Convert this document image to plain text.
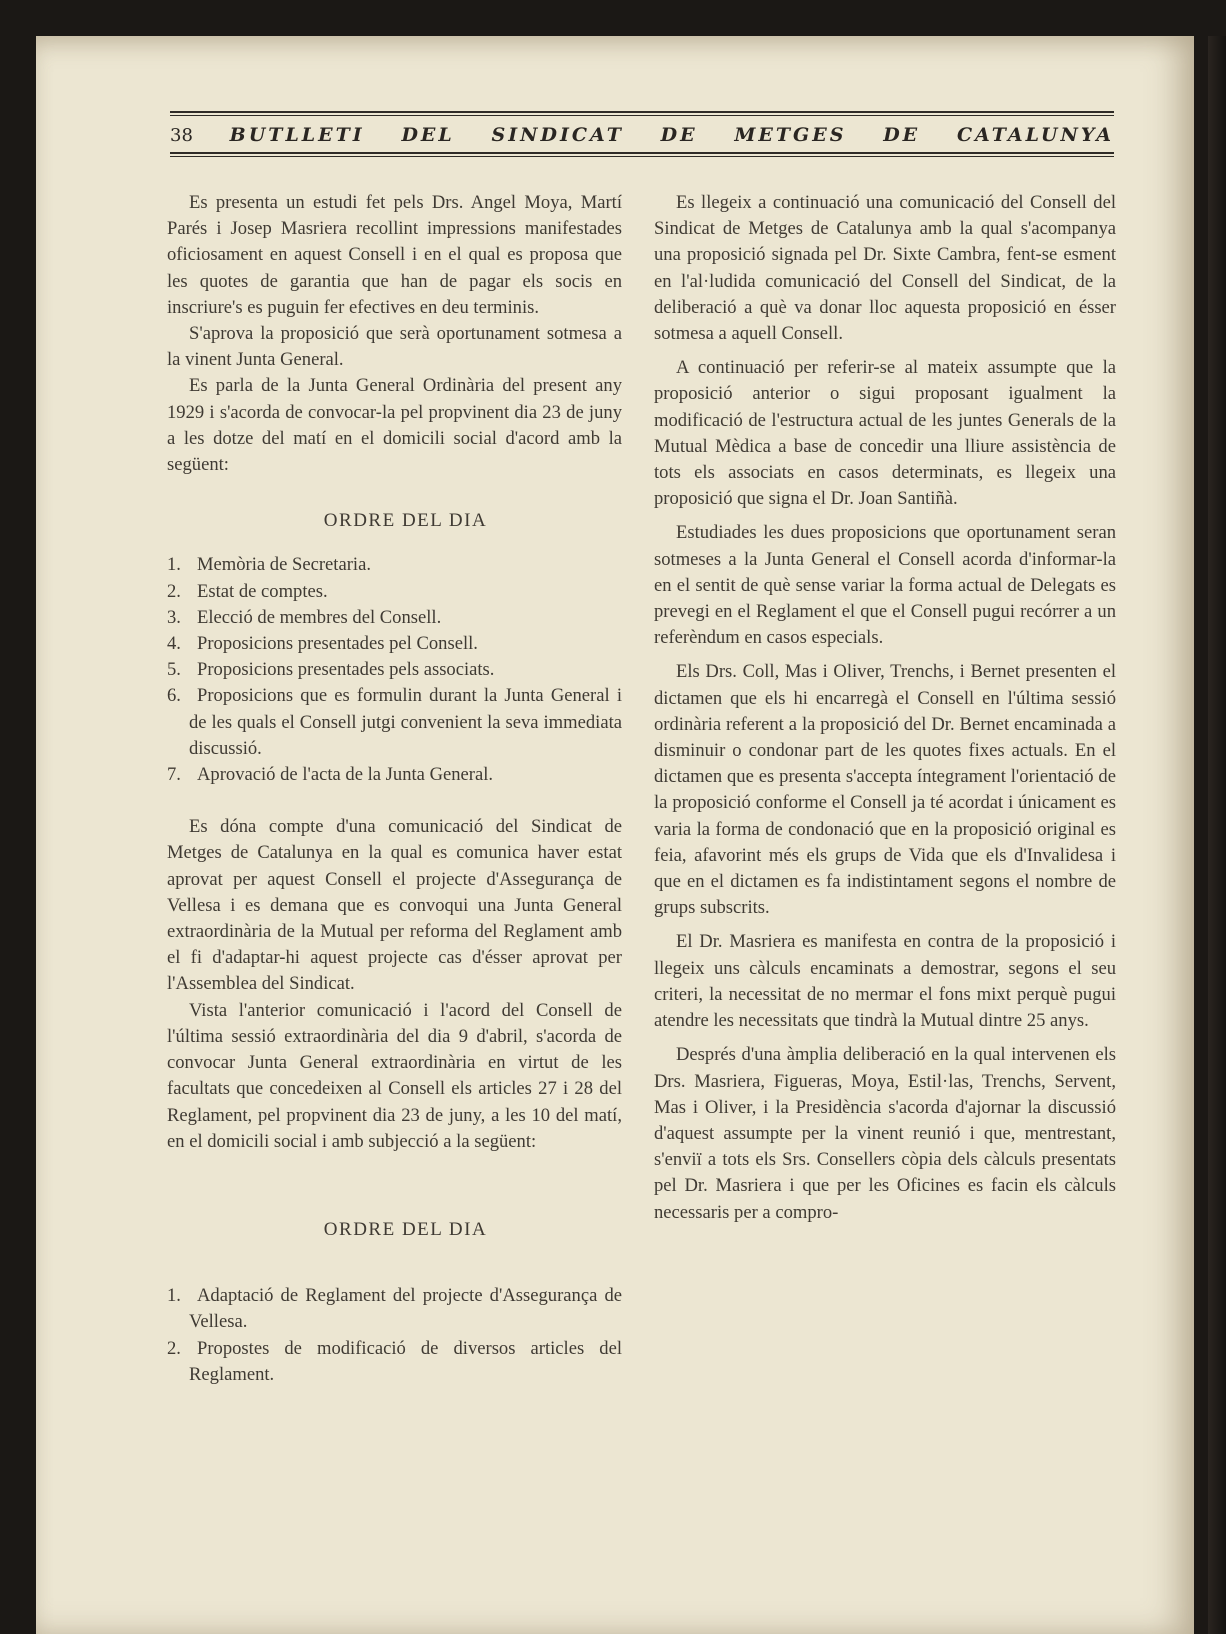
38 BUTLLETI DEL SINDICAT DE METGES DE CATALUNYA

Es presenta un estudi fet pels Drs. Angel Moya, Martí Parés i Josep Masriera recollint impressions manifestades oficiosament en aquest Consell i en el qual es proposa que les quotes de garantia que han de pagar els socis en inscriure's es puguin fer efectives en deu terminis.

S'aprova la proposició que serà oportunament sotmesa a la vinent Junta General.

Es parla de la Junta General Ordinària del present any 1929 i s'acorda de convocar-la pel propvinent dia 23 de juny a les dotze del matí en el domicili social d'acord amb la següent:

ORDRE DEL DIA

1. Memòria de Secretaria.
2. Estat de comptes.
3. Elecció de membres del Consell.
4. Proposicions presentades pel Consell.
5. Proposicions presentades pels associats.
6. Proposicions que es formulin durant la Junta General i de les quals el Consell jutgi convenient la seva immediata discussió.
7. Aprovació de l'acta de la Junta General.

Es dóna compte d'una comunicació del Sindicat de Metges de Catalunya en la qual es comunica haver estat aprovat per aquest Consell el projecte d'Assegurança de Vellesa i es demana que es convoqui una Junta General extraordinària de la Mutual per reforma del Reglament amb el fi d'adaptar-hi aquest projecte cas d'ésser aprovat per l'Assemblea del Sindicat.

Vista l'anterior comunicació i l'acord del Consell de l'última sessió extraordinària del dia 9 d'abril, s'acorda de convocar Junta General extraordinària en virtut de les facultats que concedeixen al Consell els articles 27 i 28 del Reglament, pel propvinent dia 23 de juny, a les 10 del matí, en el domicili social i amb subjecció a la següent:

ORDRE DEL DIA

1. Adaptació de Reglament del projecte d'Assegurança de Vellesa.
2. Propostes de modificació de diversos articles del Reglament.

Es llegeix a continuació una comunicació del Consell del Sindicat de Metges de Catalunya amb la qual s'acompanya una proposició signada pel Dr. Sixte Cambra, fent-se esment en l'al·ludida comunicació del Consell del Sindicat, de la deliberació a què va donar lloc aquesta proposició en ésser sotmesa a aquell Consell.

A continuació per referir-se al mateix assumpte que la proposició anterior o sigui proposant igualment la modificació de l'estructura actual de les juntes Generals de la Mutual Mèdica a base de concedir una lliure assistència de tots els associats en casos determinats, es llegeix una proposició que signa el Dr. Joan Santiñà.

Estudiades les dues proposicions que oportunament seran sotmeses a la Junta General el Consell acorda d'informar-la en el sentit de què sense variar la forma actual de Delegats es prevegi en el Reglament el que el Consell pugui recórrer a un referèndum en casos especials.

Els Drs. Coll, Mas i Oliver, Trenchs, i Bernet presenten el dictamen que els hi encarregà el Consell en l'última sessió ordinària referent a la proposició del Dr. Bernet encaminada a disminuir o condonar part de les quotes fixes actuals. En el dictamen que es presenta s'accepta íntegrament l'orientació de la proposició conforme el Consell ja té acordat i únicament es varia la forma de condonació que en la proposició original es feia, afavorint més els grups de Vida que els d'Invalidesa i que en el dictamen es fa indistintament segons el nombre de grups subscrits.

El Dr. Masriera es manifesta en contra de la proposició i llegeix uns càlculs encaminats a demostrar, segons el seu criteri, la necessitat de no mermar el fons mixt perquè pugui atendre les necessitats que tindrà la Mutual dintre 25 anys.

Després d'una àmplia deliberació en la qual intervenen els Drs. Masriera, Figueras, Moya, Estil·las, Trenchs, Servent, Mas i Oliver, i la Presidència s'acorda d'ajornar la discussió d'aquest assumpte per la vinent reunió i que, mentrestant, s'enviï a tots els Srs. Consellers còpia dels càlculs presentats pel Dr. Masriera i que per les Oficines es facin els càlculs necessaris per a compro-
